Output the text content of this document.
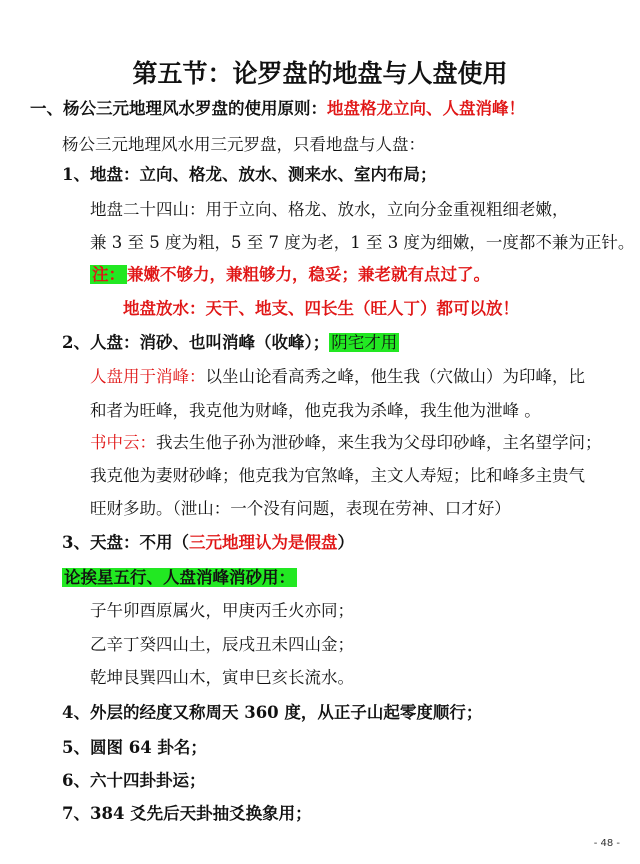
第五节：论罗盘的地盘与人盘使用
一、杨公三元地理风水罗盘的使用原则：地盘格龙立向、人盘消峰！
杨公三元地理风水用三元罗盘，只看地盘与人盘：
1、地盘：立向、格龙、放水、测来水、室内布局；
地盘二十四山：用于立向、格龙、放水，立向分金重视粗细老嫩，
兼 3 至 5 度为粗，5 至 7 度为老，1 至 3 度为细嫩，一度都不兼为正针。
注： 兼嫩不够力，兼粗够力，稳妥；兼老就有点过了。
地盘放水：天干、地支、四长生（旺人丁）都可以放！
2、人盘：消砂、也叫消峰（收峰）； 阴宅才用
人盘用于消峰：以坐山论看高秀之峰，他生我（穴做山）为印峰，比
和者为旺峰，我克他为财峰，他克我为杀峰，我生他为泄峰 。
书中云：我去生他子孙为泄砂峰，来生我为父母印砂峰，主名望学问；
我克他为妻财砂峰；他克我为官煞峰，主文人寿短；比和峰多主贵气
旺财多助。（泄山：一个没有问题，表现在劳神、口才好）
3、天盘：不用（三元地理认为是假盘）
论挨星五行、人盘消峰消砂用：
子午卯酉原属火，甲庚丙壬火亦同；
乙辛丁癸四山土，辰戌丑未四山金；
乾坤艮巽四山木，寅申巳亥长流水。
4、外层的经度又称周天 360 度，从正子山起零度顺行；
5、圆图 64 卦名；
6、六十四卦卦运；
7、384 爻先后天卦抽爻换象用；
- 48 -
